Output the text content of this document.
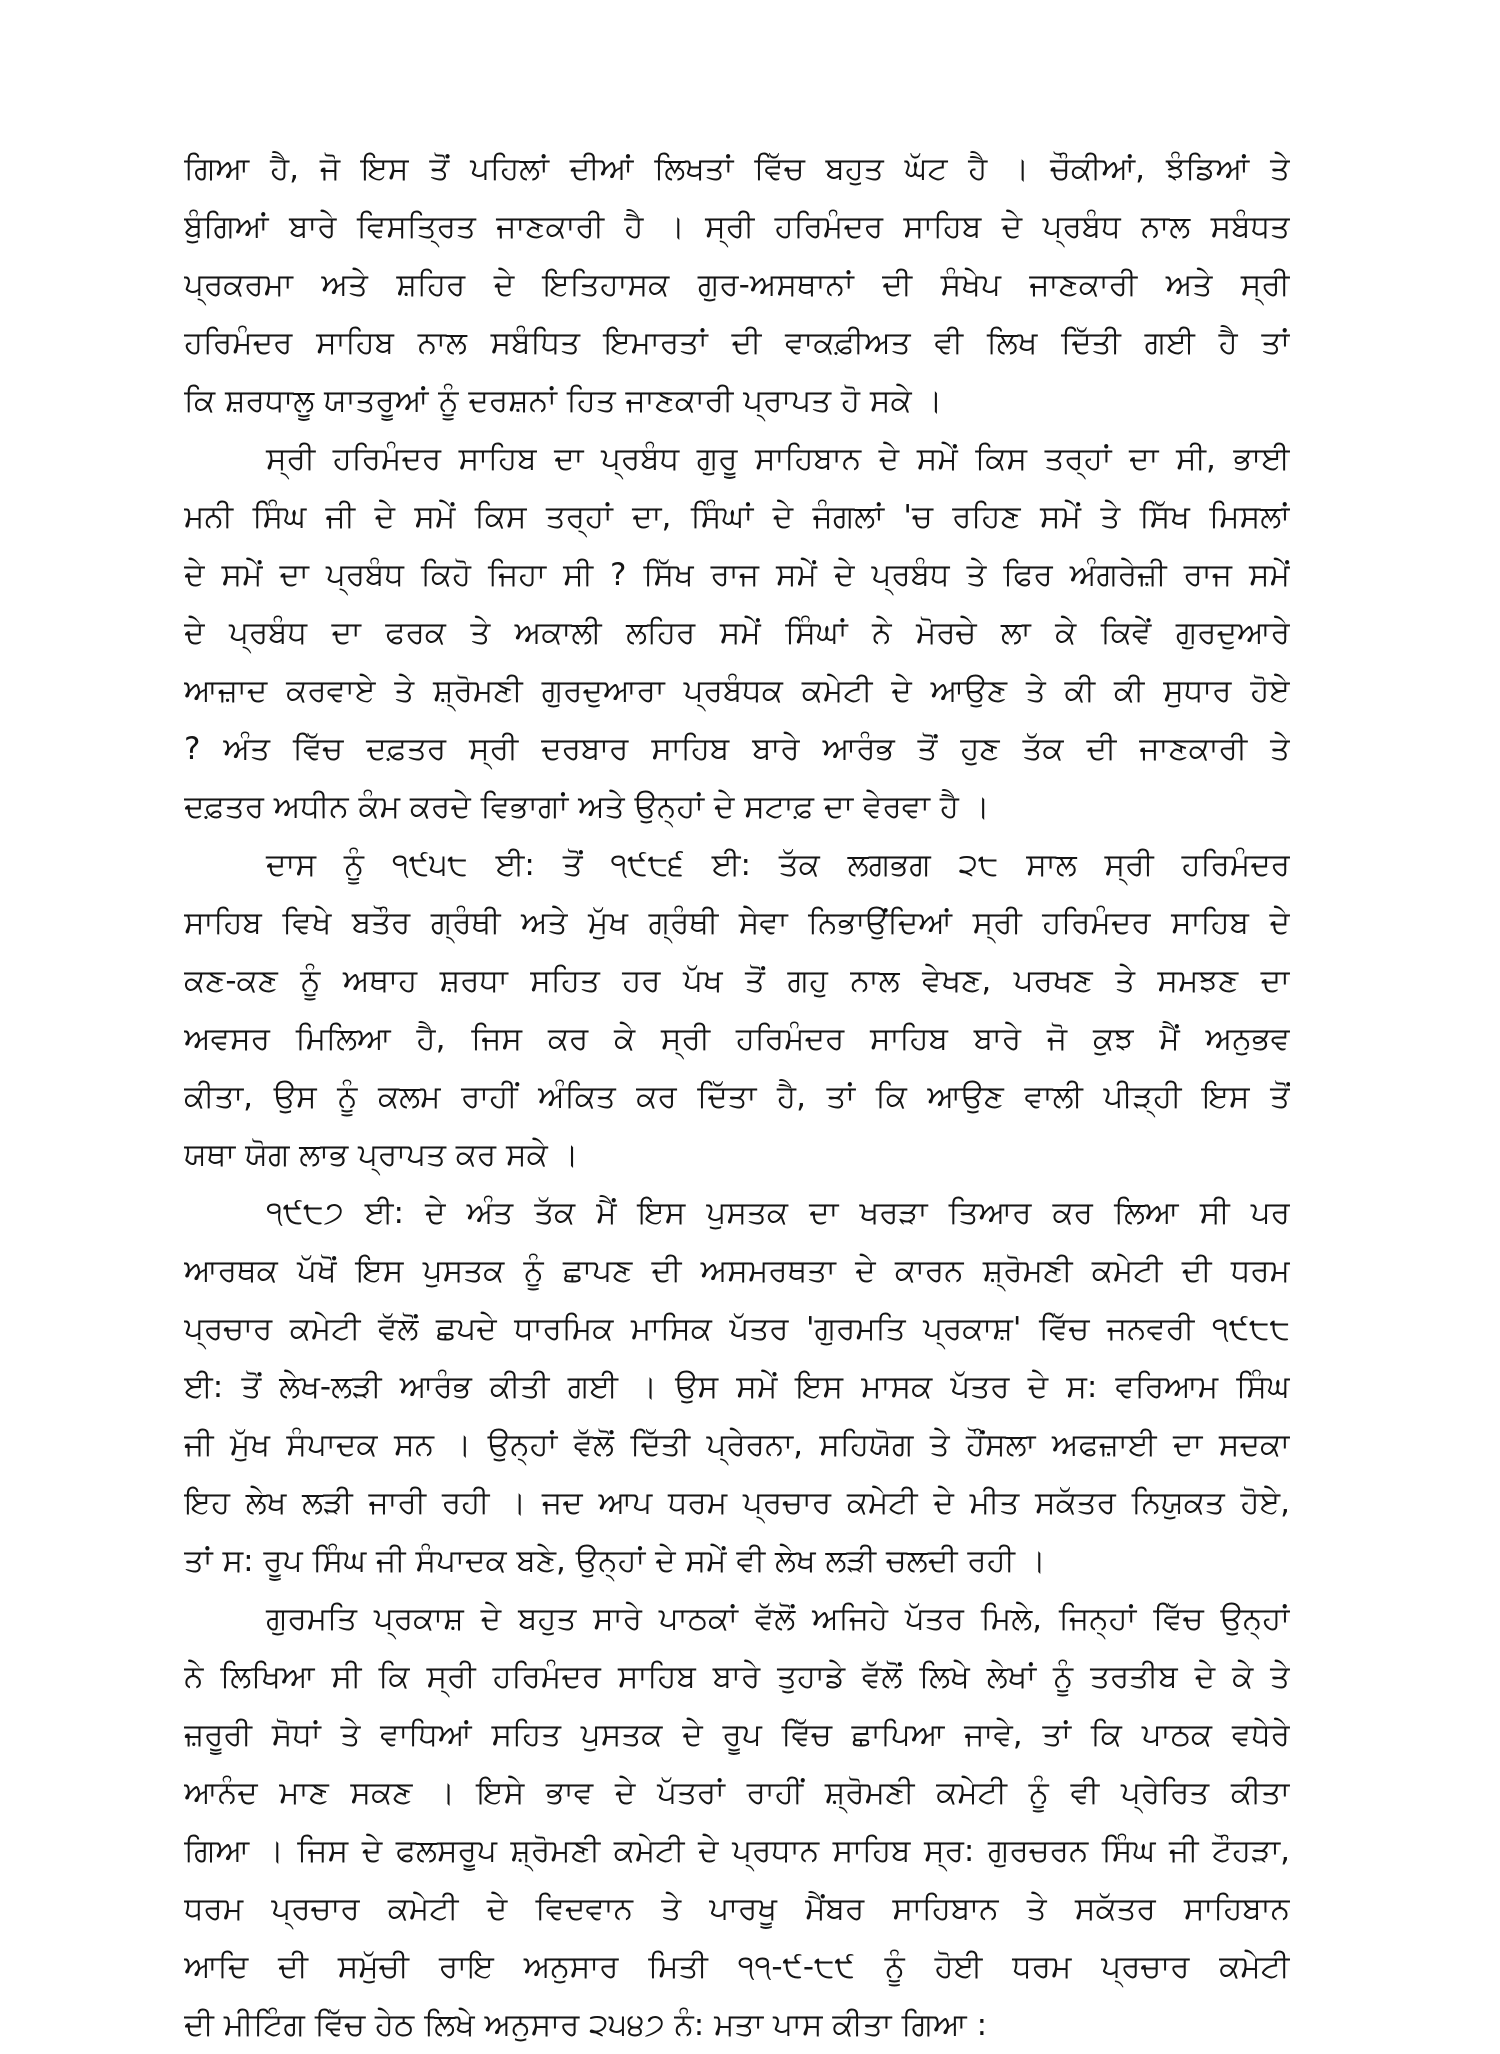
ਗਿਆ ਹੈ, ਜੋ ਇਸ ਤੋਂ ਪਹਿਲਾਂ ਦੀਆਂ ਲਿਖਤਾਂ ਵਿੱਚ ਬਹੁਤ ਘੱਟ ਹੈ । ਚੌਕੀਆਂ, ਝੰਡਿਆਂ ਤੇ
ਬੁੰਗਿਆਂ ਬਾਰੇ ਵਿਸਤ੍ਰਿਤ ਜਾਣਕਾਰੀ ਹੈ । ਸ੍ਰੀ ਹਰਿਮੰਦਰ ਸਾਹਿਬ ਦੇ ਪ੍ਰਬੰਧ ਨਾਲ ਸਬੰਧਤ
ਪ੍ਰਕਰਮਾ ਅਤੇ ਸ਼ਹਿਰ ਦੇ ਇਤਿਹਾਸਕ ਗੁਰ-ਅਸਥਾਨਾਂ ਦੀ ਸੰਖੇਪ ਜਾਣਕਾਰੀ ਅਤੇ ਸ੍ਰੀ
ਹਰਿਮੰਦਰ ਸਾਹਿਬ ਨਾਲ ਸਬੰਧਿਤ ਇਮਾਰਤਾਂ ਦੀ ਵਾਕਫ਼ੀਅਤ ਵੀ ਲਿਖ ਦਿੱਤੀ ਗਈ ਹੈ ਤਾਂ
ਕਿ ਸ਼ਰਧਾਲੂ ਯਾਤਰੂਆਂ ਨੂੰ ਦਰਸ਼ਨਾਂ ਹਿਤ ਜਾਣਕਾਰੀ ਪ੍ਰਾਪਤ ਹੋ ਸਕੇ ।
ਸ੍ਰੀ ਹਰਿਮੰਦਰ ਸਾਹਿਬ ਦਾ ਪ੍ਰਬੰਧ ਗੁਰੂ ਸਾਹਿਬਾਨ ਦੇ ਸਮੇਂ ਕਿਸ ਤਰ੍ਹਾਂ ਦਾ ਸੀ, ਭਾਈ
ਮਨੀ ਸਿੰਘ ਜੀ ਦੇ ਸਮੇਂ ਕਿਸ ਤਰ੍ਹਾਂ ਦਾ, ਸਿੰਘਾਂ ਦੇ ਜੰਗਲਾਂ 'ਚ ਰਹਿਣ ਸਮੇਂ ਤੇ ਸਿੱਖ ਮਿਸਲਾਂ
ਦੇ ਸਮੇਂ ਦਾ ਪ੍ਰਬੰਧ ਕਿਹੋ ਜਿਹਾ ਸੀ ? ਸਿੱਖ ਰਾਜ ਸਮੇਂ ਦੇ ਪ੍ਰਬੰਧ ਤੇ ਫਿਰ ਅੰਗਰੇਜ਼ੀ ਰਾਜ ਸਮੇਂ
ਦੇ ਪ੍ਰਬੰਧ ਦਾ ਫਰਕ ਤੇ ਅਕਾਲੀ ਲਹਿਰ ਸਮੇਂ ਸਿੰਘਾਂ ਨੇ ਮੋਰਚੇ ਲਾ ਕੇ ਕਿਵੇਂ ਗੁਰਦੁਆਰੇ
ਆਜ਼ਾਦ ਕਰਵਾਏ ਤੇ ਸ਼੍ਰੋਮਣੀ ਗੁਰਦੁਆਰਾ ਪ੍ਰਬੰਧਕ ਕਮੇਟੀ ਦੇ ਆਉਣ ਤੇ ਕੀ ਕੀ ਸੁਧਾਰ ਹੋਏ
? ਅੰਤ ਵਿੱਚ ਦਫ਼ਤਰ ਸ੍ਰੀ ਦਰਬਾਰ ਸਾਹਿਬ ਬਾਰੇ ਆਰੰਭ ਤੋਂ ਹੁਣ ਤੱਕ ਦੀ ਜਾਣਕਾਰੀ ਤੇ
ਦਫ਼ਤਰ ਅਧੀਨ ਕੰਮ ਕਰਦੇ ਵਿਭਾਗਾਂ ਅਤੇ ਉਨ੍ਹਾਂ ਦੇ ਸਟਾਫ਼ ਦਾ ਵੇਰਵਾ ਹੈ ।
ਦਾਸ ਨੂੰ ੧੯੫੮ ਈ: ਤੋਂ ੧੯੮੬ ਈ: ਤੱਕ ਲਗਭਗ ੨੮ ਸਾਲ ਸ੍ਰੀ ਹਰਿਮੰਦਰ
ਸਾਹਿਬ ਵਿਖੇ ਬਤੌਰ ਗ੍ਰੰਥੀ ਅਤੇ ਮੁੱਖ ਗ੍ਰੰਥੀ ਸੇਵਾ ਨਿਭਾਉਂਦਿਆਂ ਸ੍ਰੀ ਹਰਿਮੰਦਰ ਸਾਹਿਬ ਦੇ
ਕਣ-ਕਣ ਨੂੰ ਅਥਾਹ ਸ਼ਰਧਾ ਸਹਿਤ ਹਰ ਪੱਖ ਤੋਂ ਗਹੁ ਨਾਲ ਵੇਖਣ, ਪਰਖਣ ਤੇ ਸਮਝਣ ਦਾ
ਅਵਸਰ ਮਿਲਿਆ ਹੈ, ਜਿਸ ਕਰ ਕੇ ਸ੍ਰੀ ਹਰਿਮੰਦਰ ਸਾਹਿਬ ਬਾਰੇ ਜੋ ਕੁਝ ਮੈਂ ਅਨੁਭਵ
ਕੀਤਾ, ਉਸ ਨੂੰ ਕਲਮ ਰਾਹੀਂ ਅੰਕਿਤ ਕਰ ਦਿੱਤਾ ਹੈ, ਤਾਂ ਕਿ ਆਉਣ ਵਾਲੀ ਪੀੜ੍ਹੀ ਇਸ ਤੋਂ
ਯਥਾ ਯੋਗ ਲਾਭ ਪ੍ਰਾਪਤ ਕਰ ਸਕੇ ।
੧੯੮੭ ਈ: ਦੇ ਅੰਤ ਤੱਕ ਮੈਂ ਇਸ ਪੁਸਤਕ ਦਾ ਖਰੜਾ ਤਿਆਰ ਕਰ ਲਿਆ ਸੀ ਪਰ
ਆਰਥਕ ਪੱਖੋਂ ਇਸ ਪੁਸਤਕ ਨੂੰ ਛਾਪਣ ਦੀ ਅਸਮਰਥਤਾ ਦੇ ਕਾਰਨ ਸ਼੍ਰੋਮਣੀ ਕਮੇਟੀ ਦੀ ਧਰਮ
ਪ੍ਰਚਾਰ ਕਮੇਟੀ ਵੱਲੋਂ ਛਪਦੇ ਧਾਰਮਿਕ ਮਾਸਿਕ ਪੱਤਰ 'ਗੁਰਮਤਿ ਪ੍ਰਕਾਸ਼' ਵਿੱਚ ਜਨਵਰੀ ੧੯੮੮
ਈ: ਤੋਂ ਲੇਖ-ਲੜੀ ਆਰੰਭ ਕੀਤੀ ਗਈ । ਉਸ ਸਮੇਂ ਇਸ ਮਾਸਕ ਪੱਤਰ ਦੇ ਸ: ਵਰਿਆਮ ਸਿੰਘ
ਜੀ ਮੁੱਖ ਸੰਪਾਦਕ ਸਨ । ਉਨ੍ਹਾਂ ਵੱਲੋਂ ਦਿੱਤੀ ਪ੍ਰੇਰਨਾ, ਸਹਿਯੋਗ ਤੇ ਹੌਂਸਲਾ ਅਫਜ਼ਾਈ ਦਾ ਸਦਕਾ
ਇਹ ਲੇਖ ਲੜੀ ਜਾਰੀ ਰਹੀ । ਜਦ ਆਪ ਧਰਮ ਪ੍ਰਚਾਰ ਕਮੇਟੀ ਦੇ ਮੀਤ ਸਕੱਤਰ ਨਿਯੁਕਤ ਹੋਏ,
ਤਾਂ ਸ: ਰੂਪ ਸਿੰਘ ਜੀ ਸੰਪਾਦਕ ਬਣੇ, ਉਨ੍ਹਾਂ ਦੇ ਸਮੇਂ ਵੀ ਲੇਖ ਲੜੀ ਚਲਦੀ ਰਹੀ ।
ਗੁਰਮਤਿ ਪ੍ਰਕਾਸ਼ ਦੇ ਬਹੁਤ ਸਾਰੇ ਪਾਠਕਾਂ ਵੱਲੋਂ ਅਜਿਹੇ ਪੱਤਰ ਮਿਲੇ, ਜਿਨ੍ਹਾਂ ਵਿੱਚ ਉਨ੍ਹਾਂ
ਨੇ ਲਿਖਿਆ ਸੀ ਕਿ ਸ੍ਰੀ ਹਰਿਮੰਦਰ ਸਾਹਿਬ ਬਾਰੇ ਤੁਹਾਡੇ ਵੱਲੋਂ ਲਿਖੇ ਲੇਖਾਂ ਨੂੰ ਤਰਤੀਬ ਦੇ ਕੇ ਤੇ
ਜ਼ਰੂਰੀ ਸੋਧਾਂ ਤੇ ਵਾਧਿਆਂ ਸਹਿਤ ਪੁਸਤਕ ਦੇ ਰੂਪ ਵਿੱਚ ਛਾਪਿਆ ਜਾਵੇ, ਤਾਂ ਕਿ ਪਾਠਕ ਵਧੇਰੇ
ਆਨੰਦ ਮਾਣ ਸਕਣ । ਇਸੇ ਭਾਵ ਦੇ ਪੱਤਰਾਂ ਰਾਹੀਂ ਸ਼੍ਰੋਮਣੀ ਕਮੇਟੀ ਨੂੰ ਵੀ ਪ੍ਰੇਰਿਤ ਕੀਤਾ
ਗਿਆ । ਜਿਸ ਦੇ ਫਲਸਰੂਪ ਸ਼੍ਰੋਮਣੀ ਕਮੇਟੀ ਦੇ ਪ੍ਰਧਾਨ ਸਾਹਿਬ ਸ੍ਰ: ਗੁਰਚਰਨ ਸਿੰਘ ਜੀ ਟੌਹੜਾ,
ਧਰਮ ਪ੍ਰਚਾਰ ਕਮੇਟੀ ਦੇ ਵਿਦਵਾਨ ਤੇ ਪਾਰਖੂ ਮੈਂਬਰ ਸਾਹਿਬਾਨ ਤੇ ਸਕੱਤਰ ਸਾਹਿਬਾਨ
ਆਦਿ ਦੀ ਸਮੁੱਚੀ ਰਾਇ ਅਨੁਸਾਰ ਮਿਤੀ ੧੧-੯-੮੯ ਨੂੰ ਹੋਈ ਧਰਮ ਪ੍ਰਚਾਰ ਕਮੇਟੀ
ਦੀ ਮੀਟਿੰਗ ਵਿੱਚ ਹੇਠ ਲਿਖੇ ਅਨੁਸਾਰ ੨੫੪੭ ਨੰ: ਮਤਾ ਪਾਸ ਕੀਤਾ ਗਿਆ :
